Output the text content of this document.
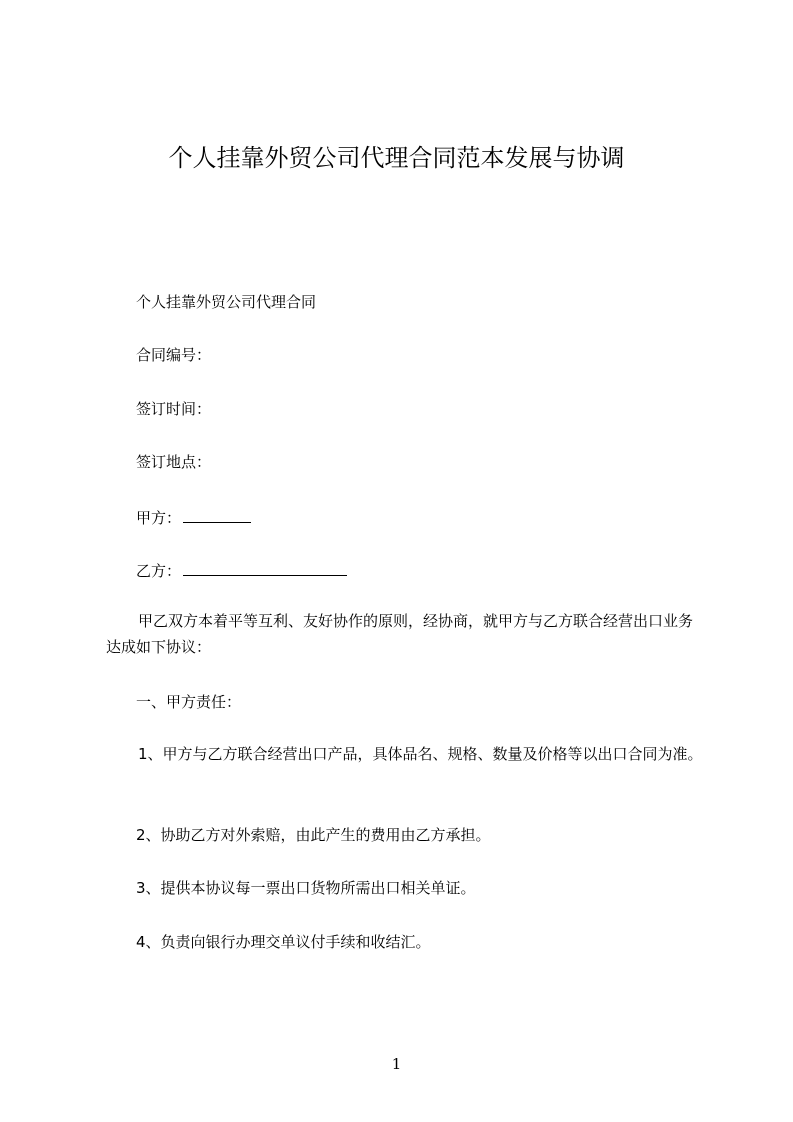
个人挂靠外贸公司代理合同范本发展与协调
个人挂靠外贸公司代理合同
合同编号：
签订时间：
签订地点：
甲方：
乙方：
甲乙双方本着平等互利、友好协作的原则，经协商，就甲方与乙方联合经营出口业务达成如下协议：
一、甲方责任：
1、甲方与乙方联合经营出口产品，具体品名、规格、数量及价格等以出口合同为准。
2、协助乙方对外索赔，由此产生的费用由乙方承担。
3、提供本协议每一票出口货物所需出口相关单证。
4、负责向银行办理交单议付手续和收结汇。
1
